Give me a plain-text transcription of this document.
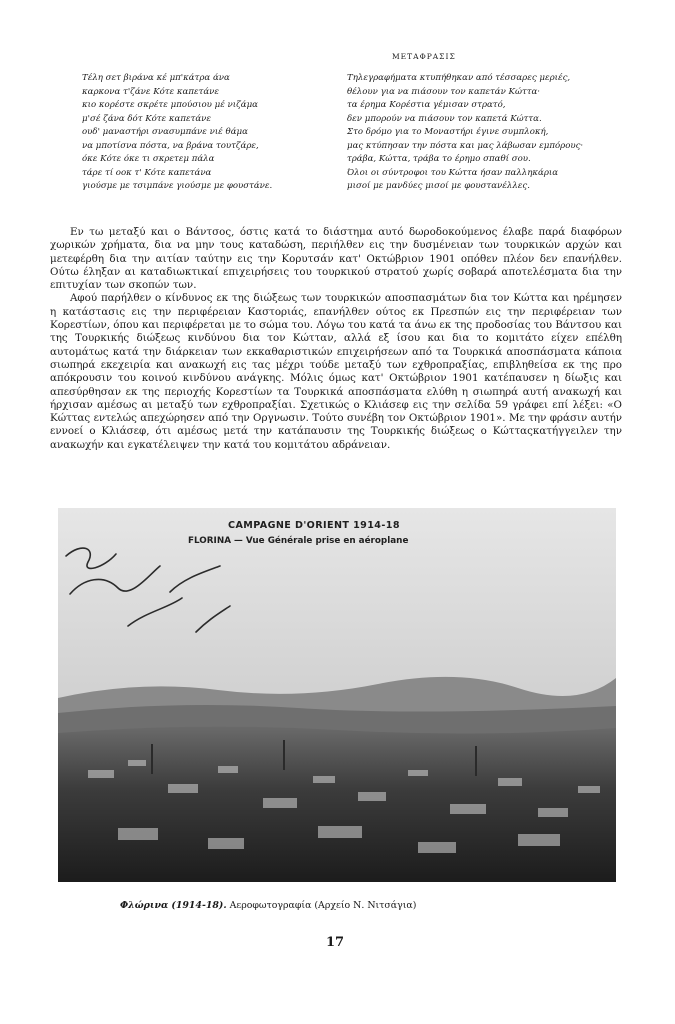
ΜΕΤΑΦΡΑΣΙΣ
Τέλη σετ βιράνα κέ μπ'κάτρα άνα
καρκονα τ'ζάνε Κότε καπετάνε
κιο κορέστε σκρέτε μπούσιου μέ νιζάμα
μ'σέ ζάνα δότ Κότε καπετάνε
ουδ' μαναστήρι σνασυμπάνε νιέ θάμα
να μποτίσνα πόστα, να βράνα τουτζάρε,
όκε Κότε όκε τι σκρετεμ πάλα
τάρε τί οοκ τ' Κότε καπετάνα
γιούσμε με τσιμπάνε γιούσμε με φουστάνε.
Τηλεγραφήματα κτυπήθηκαν από τέσσαρες μεριές,
θέλουν για να πιάσουν τον καπετάν Κώττα·
τα έρημα Κορέστια γέμισαν στρατό,
δεν μπορούν να πιάσουν τον καπετά Κώττα.
Στο δρόμο για το Μοναστήρι έγινε συμπλοκή,
μας κτύπησαν την πόστα και μας λάβωσαν εμπόρους·
τράβα, Κώττα, τράβα το έρημο σπαθί σου.
Όλοι οι σύντροφοι του Κώττα ήσαν παλληκάρια
μισοί με μανδύες μισοί με φουστανέλλες.

Εν τω μεταξύ και ο Βάντσος, όστις κατά το διάστημα αυτό δωροδοκούμενος έλαβε παρά διαφόρων χωρικών χρήματα, δια να μην τους καταδώση, περιήλθεν εις την δυσμένειαν των τουρκικών αρχών και μετεφέρθη δια την αιτίαν ταύτην εις την Κορυτσάν κατ' Οκτώβριον 1901 οπόθεν πλέον δεν επανήλθεν. Ούτω έληξαν αι καταδιωκτικαί επιχειρήσεις του τουρκικού στρατού χωρίς σοβαρά αποτελέσματα δια την επιτυχίαν των σκοπών των.

Αφού παρήλθεν ο κίνδυνος εκ της διώξεως των τουρκικών αποσπασμάτων δια τον Κώττα και ηρέμησεν η κατάστασις εις την περιφέρειαν Καστοριάς, επανήλθεν ούτος εκ Πρεσπών εις την περιφέρειαν των Κορεστίων, όπου και περιφέρεται με το σώμα του. Λόγω του κατά τα άνω εκ της προδοσίας του Βάντσου και της Τουρκικής διώξεως κινδύνου δια τον Κώτταν, αλλά εξ ίσου και δια το κομιτάτο είχεν επέλθη αυτομάτως κατά την διάρκειαν των εκκαθαριστικών επιχειρήσεων από τα Τουρκικά αποσπάσματα κάποια σιωπηρά εκεχειρία και ανακωχή εις τας μέχρι τούδε μεταξύ των εχθροπραξίας, επιβληθείσα εκ της προ απόκρουσιν του κοινού κινδύνου ανάγκης. Μόλις όμως κατ' Οκτώβριον 1901 κατέπαυσεν η δίωξις και απεσύρθησαν εκ της περιοχής Κορεστίων τα Τουρκικά αποσπάσματα ελύθη η σιωπηρά αυτή ανακωχή και ήρχισαν αμέσως αι μεταξύ των εχθροπραξίαι. Σχετικώς ο Κλιάσεφ εις την σελίδα 59 γράφει επί λέξει: «Ο Κώττας εντελώς απεχώρησεν από την Οργνωσιν. Τούτο συνέβη τον Οκτώβριον 1901». Με την φράσιν αυτήν εννοεί ο Κλιάσεφ, ότι αμέσως μετά την κατάπαυσιν της Τουρκικής διώξεως ο Κώτταςκατήγγειλεν την ανακωχήν και εγκατέλειψεν την κατά του κομιτάτου αδράνειαν.

CAMPAGNE D'ORIENT 1914-18
FLORINA — Vue Générale prise en aéroplane
Φλώρινα (1914-18). Αεροφωτογραφία (Αρχείο Ν. Νιτσάγια)
17
